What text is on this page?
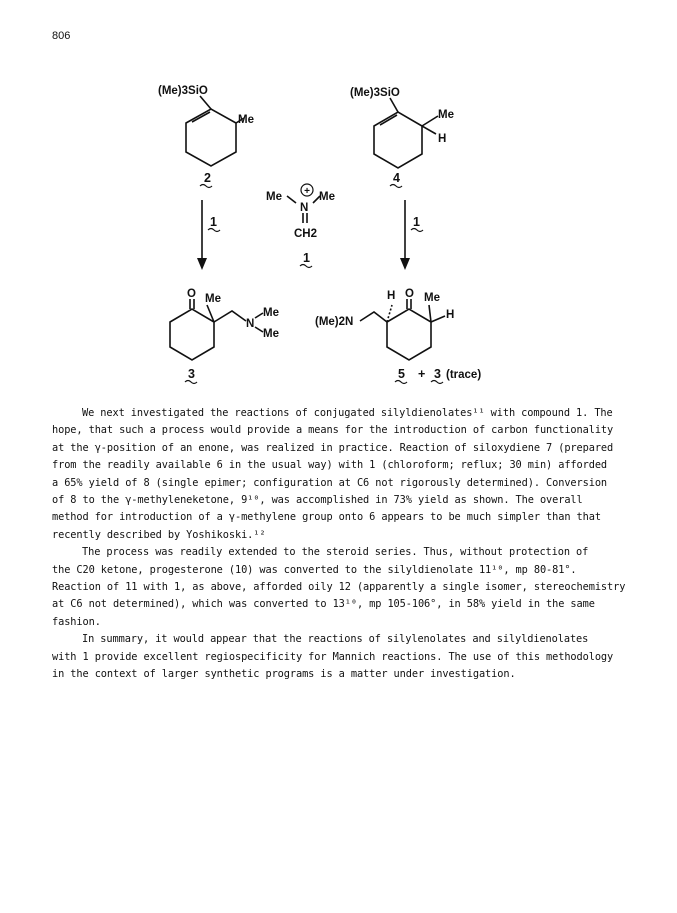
806
+
(Me)3SiO
Me
2
(Me)3SiO
Me
H
4
Me
N
Me
CH2
1
1	1
O Me
N
Me
Me
3
H O Me
H
(Me)2N
5 + 3 (trace)

We next investigated the reactions of conjugated silyldienolates¹¹ with compound 1. The
hope, that such a process would provide a means for the introduction of carbon functionality
at the γ-position of an enone, was realized in practice. Reaction of siloxydiene 7 (prepared
from the readily available 6 in the usual way) with 1 (chloroform; reflux; 30 min) afforded
a 65% yield of 8 (single epimer; configuration at C6 not rigorously determined). Conversion
of 8 to the γ-methyleneketone, 9¹⁰, was accomplished in 73% yield as shown. The overall
method for introduction of a γ-methylene group onto 6 appears to be much simpler than that
recently described by Yoshikoski.¹²

The process was readily extended to the steroid series. Thus, without protection of
the C20 ketone, progesterone (10) was converted to the silyldienolate 11¹⁰, mp 80-81°.
Reaction of 11 with 1, as above, afforded oily 12 (apparently a single isomer, stereochemistry
at C6 not determined), which was converted to 13¹⁰, mp 105-106°, in 58% yield in the same
fashion.

In summary, it would appear that the reactions of silylenolates and silyldienolates
with 1 provide excellent regiospecificity for Mannich reactions. The use of this methodology
in the context of larger synthetic programs is a matter under investigation.
